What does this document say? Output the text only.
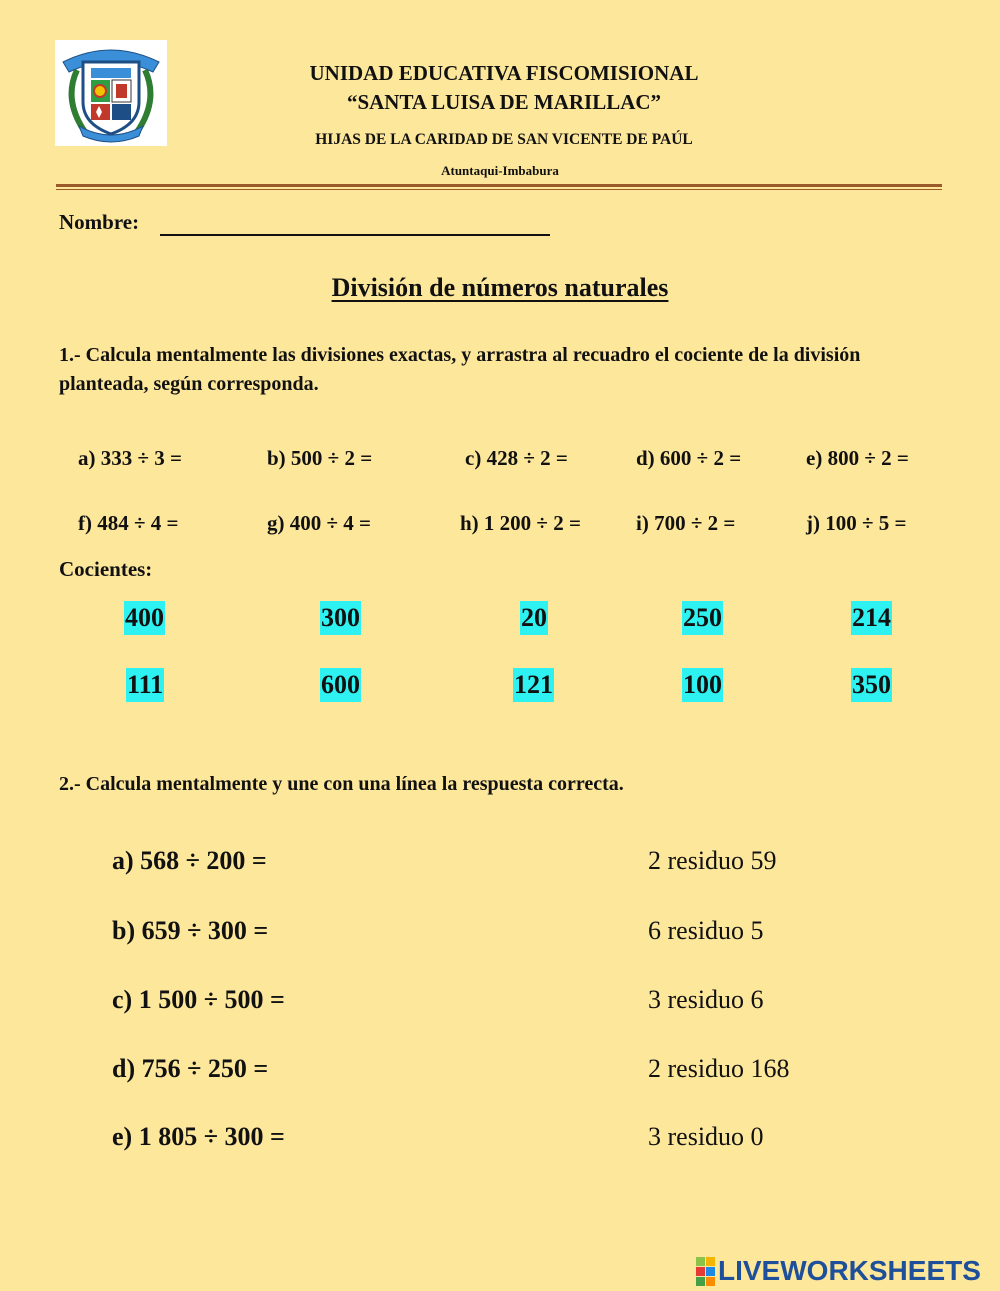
UNIDAD EDUCATIVA FISCOMISIONAL
“SANTA LUISA DE MARILLAC”
HIJAS DE LA CARIDAD DE SAN VICENTE DE PAÚL
Atuntaqui-Imbabura
Nombre:
División de números naturales
1.- Calcula mentalmente las divisiones exactas, y arrastra al recuadro el cociente de la división planteada, según corresponda.
a) 333 ÷ 3 =	b) 500 ÷ 2 =	c) 428 ÷ 2 =	d) 600 ÷ 2 =	e) 800 ÷ 2 =
f) 484 ÷ 4 =	g) 400 ÷ 4 =	h) 1 200 ÷ 2 =	i) 700 ÷ 2 =	j) 100 ÷ 5 =
Cocientes:
400	300	20	250	214
111	600	121	100	350
2.- Calcula mentalmente y une con una línea la respuesta correcta.
a) 568 ÷ 200 =
b) 659 ÷ 300 =
c) 1 500 ÷ 500 =
d) 756 ÷ 250 =
e) 1 805 ÷ 300 =
2 residuo 59
6 residuo 5
3 residuo 6
2 residuo 168
3 residuo 0
LIVEWORKSHEETS
